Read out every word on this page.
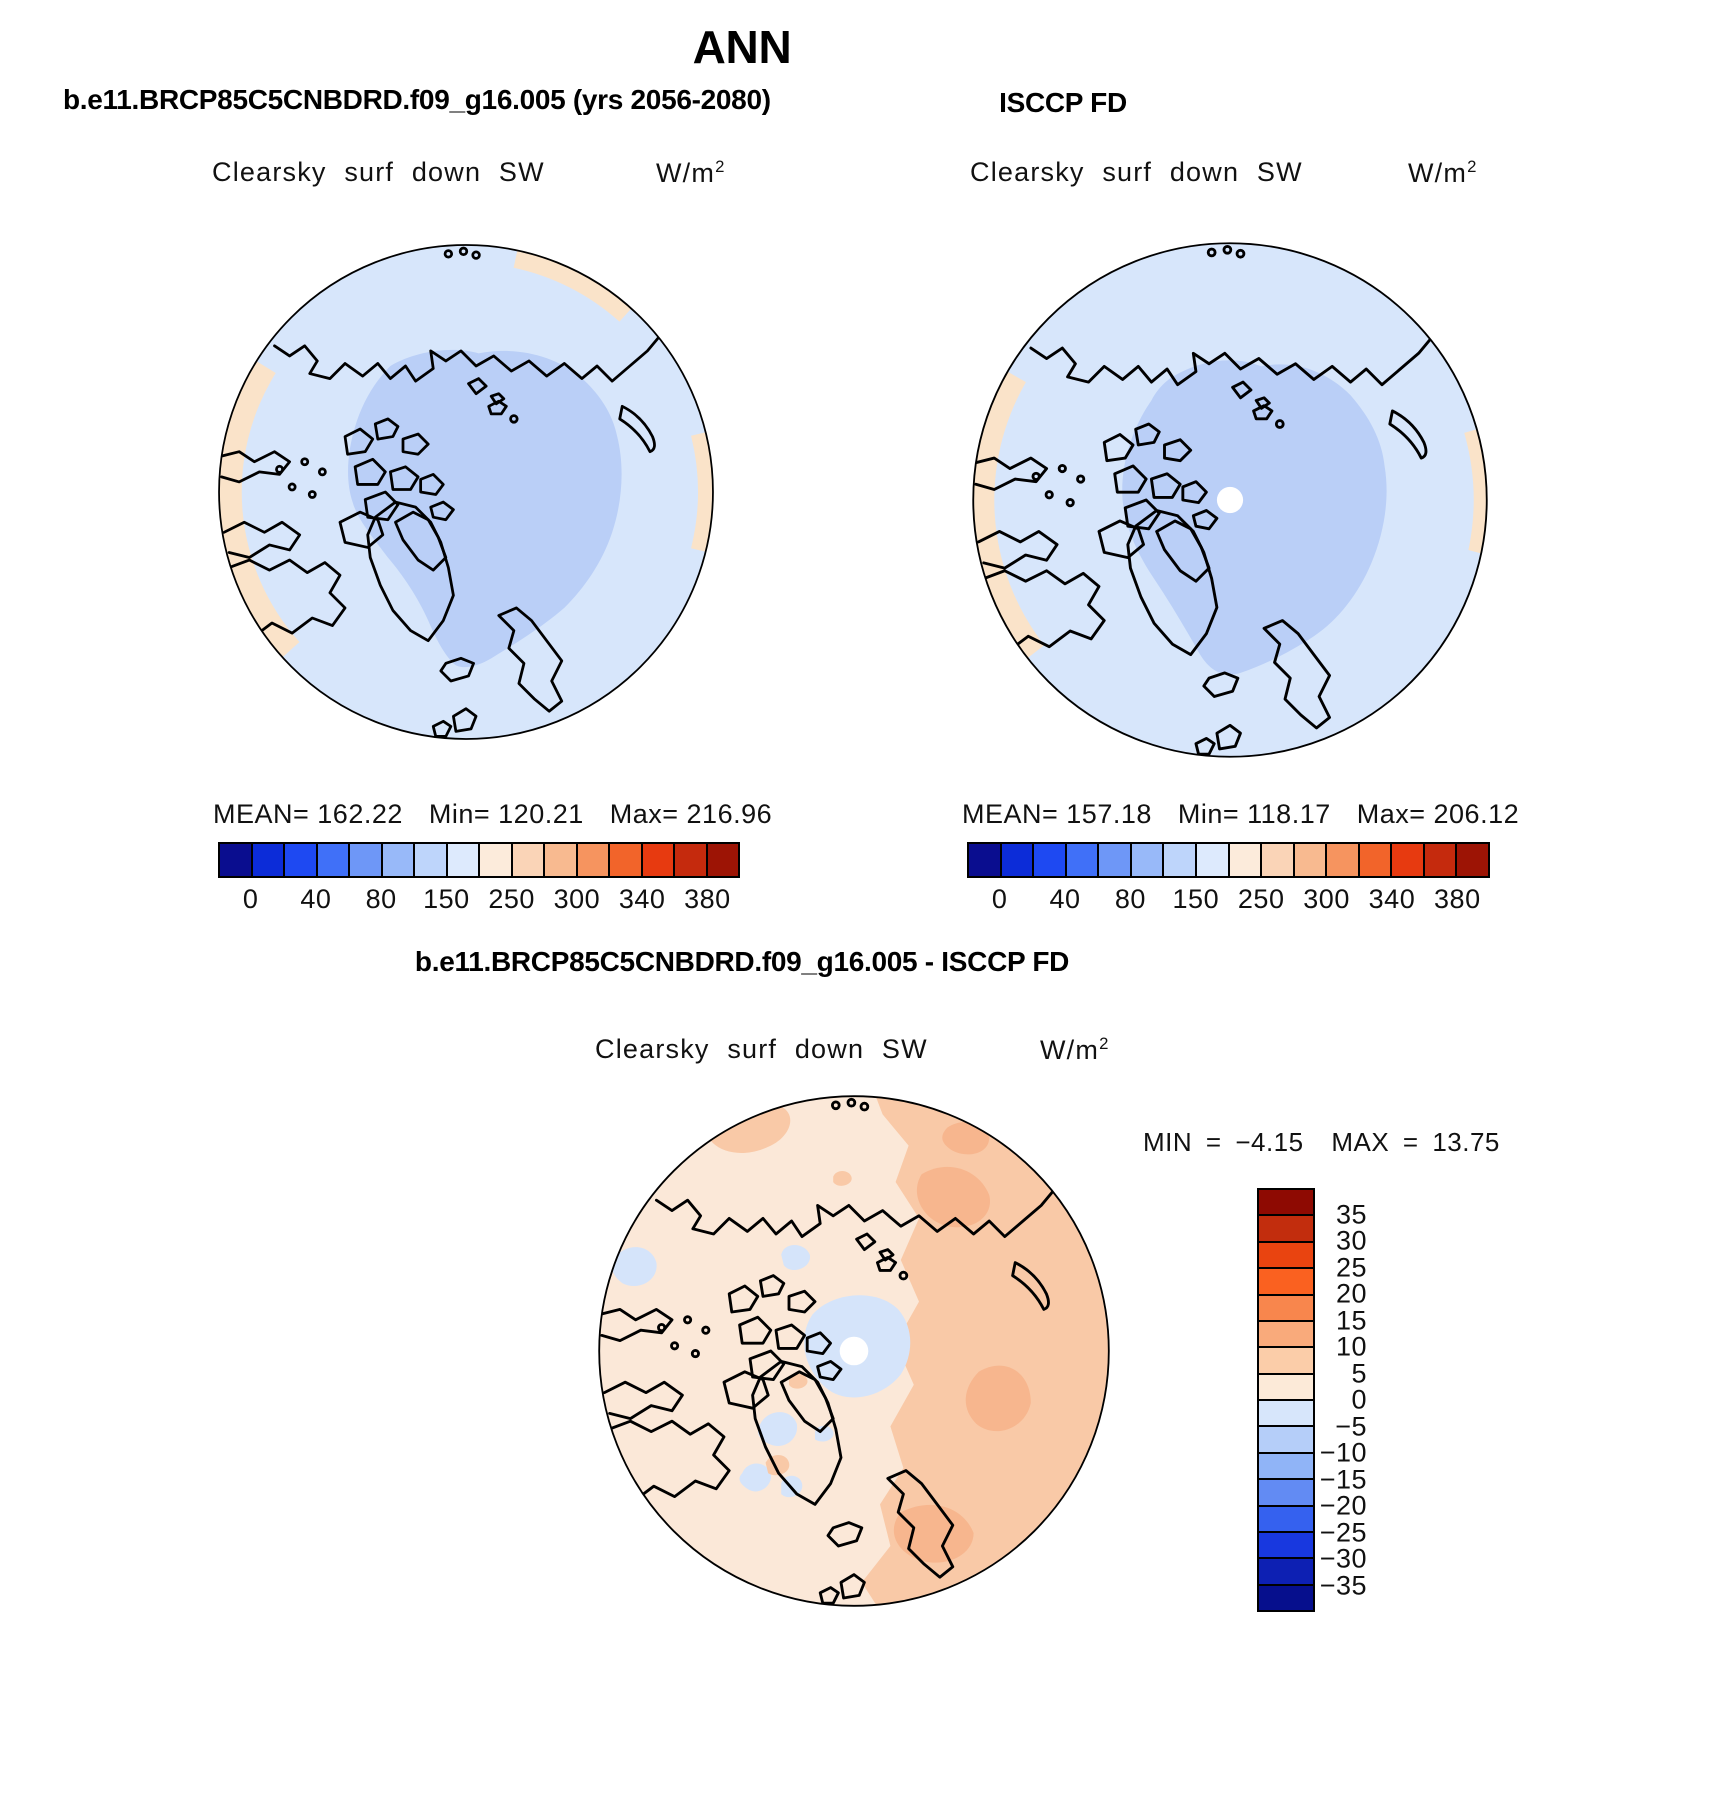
ANN
b.e11.BRCP85C5CNBDRD.f09_g16.005 (yrs 2056-2080)	ISCCP FD
b.e11.BRCP85C5CNBDRD.f09_g16.005 - ISCCP FD
Clearsky surf down SW	$W/m^2$	Clearsky surf down SW	$W/m^2$
Clearsky surf down SW	$W/m^2$
MEAN= 162.22 Min= 120.21 Max= 216.96
0 40 80 150 250 300 340 380
MEAN= 157.18 Min= 118.17 Max= 206.12
0 40 80 150 250 300 340 380
MIN = −4.15 MAX = 13.75
35
30
25
20
15
10
5
0
−5
−10
−15
−20
−25
−30
−35
